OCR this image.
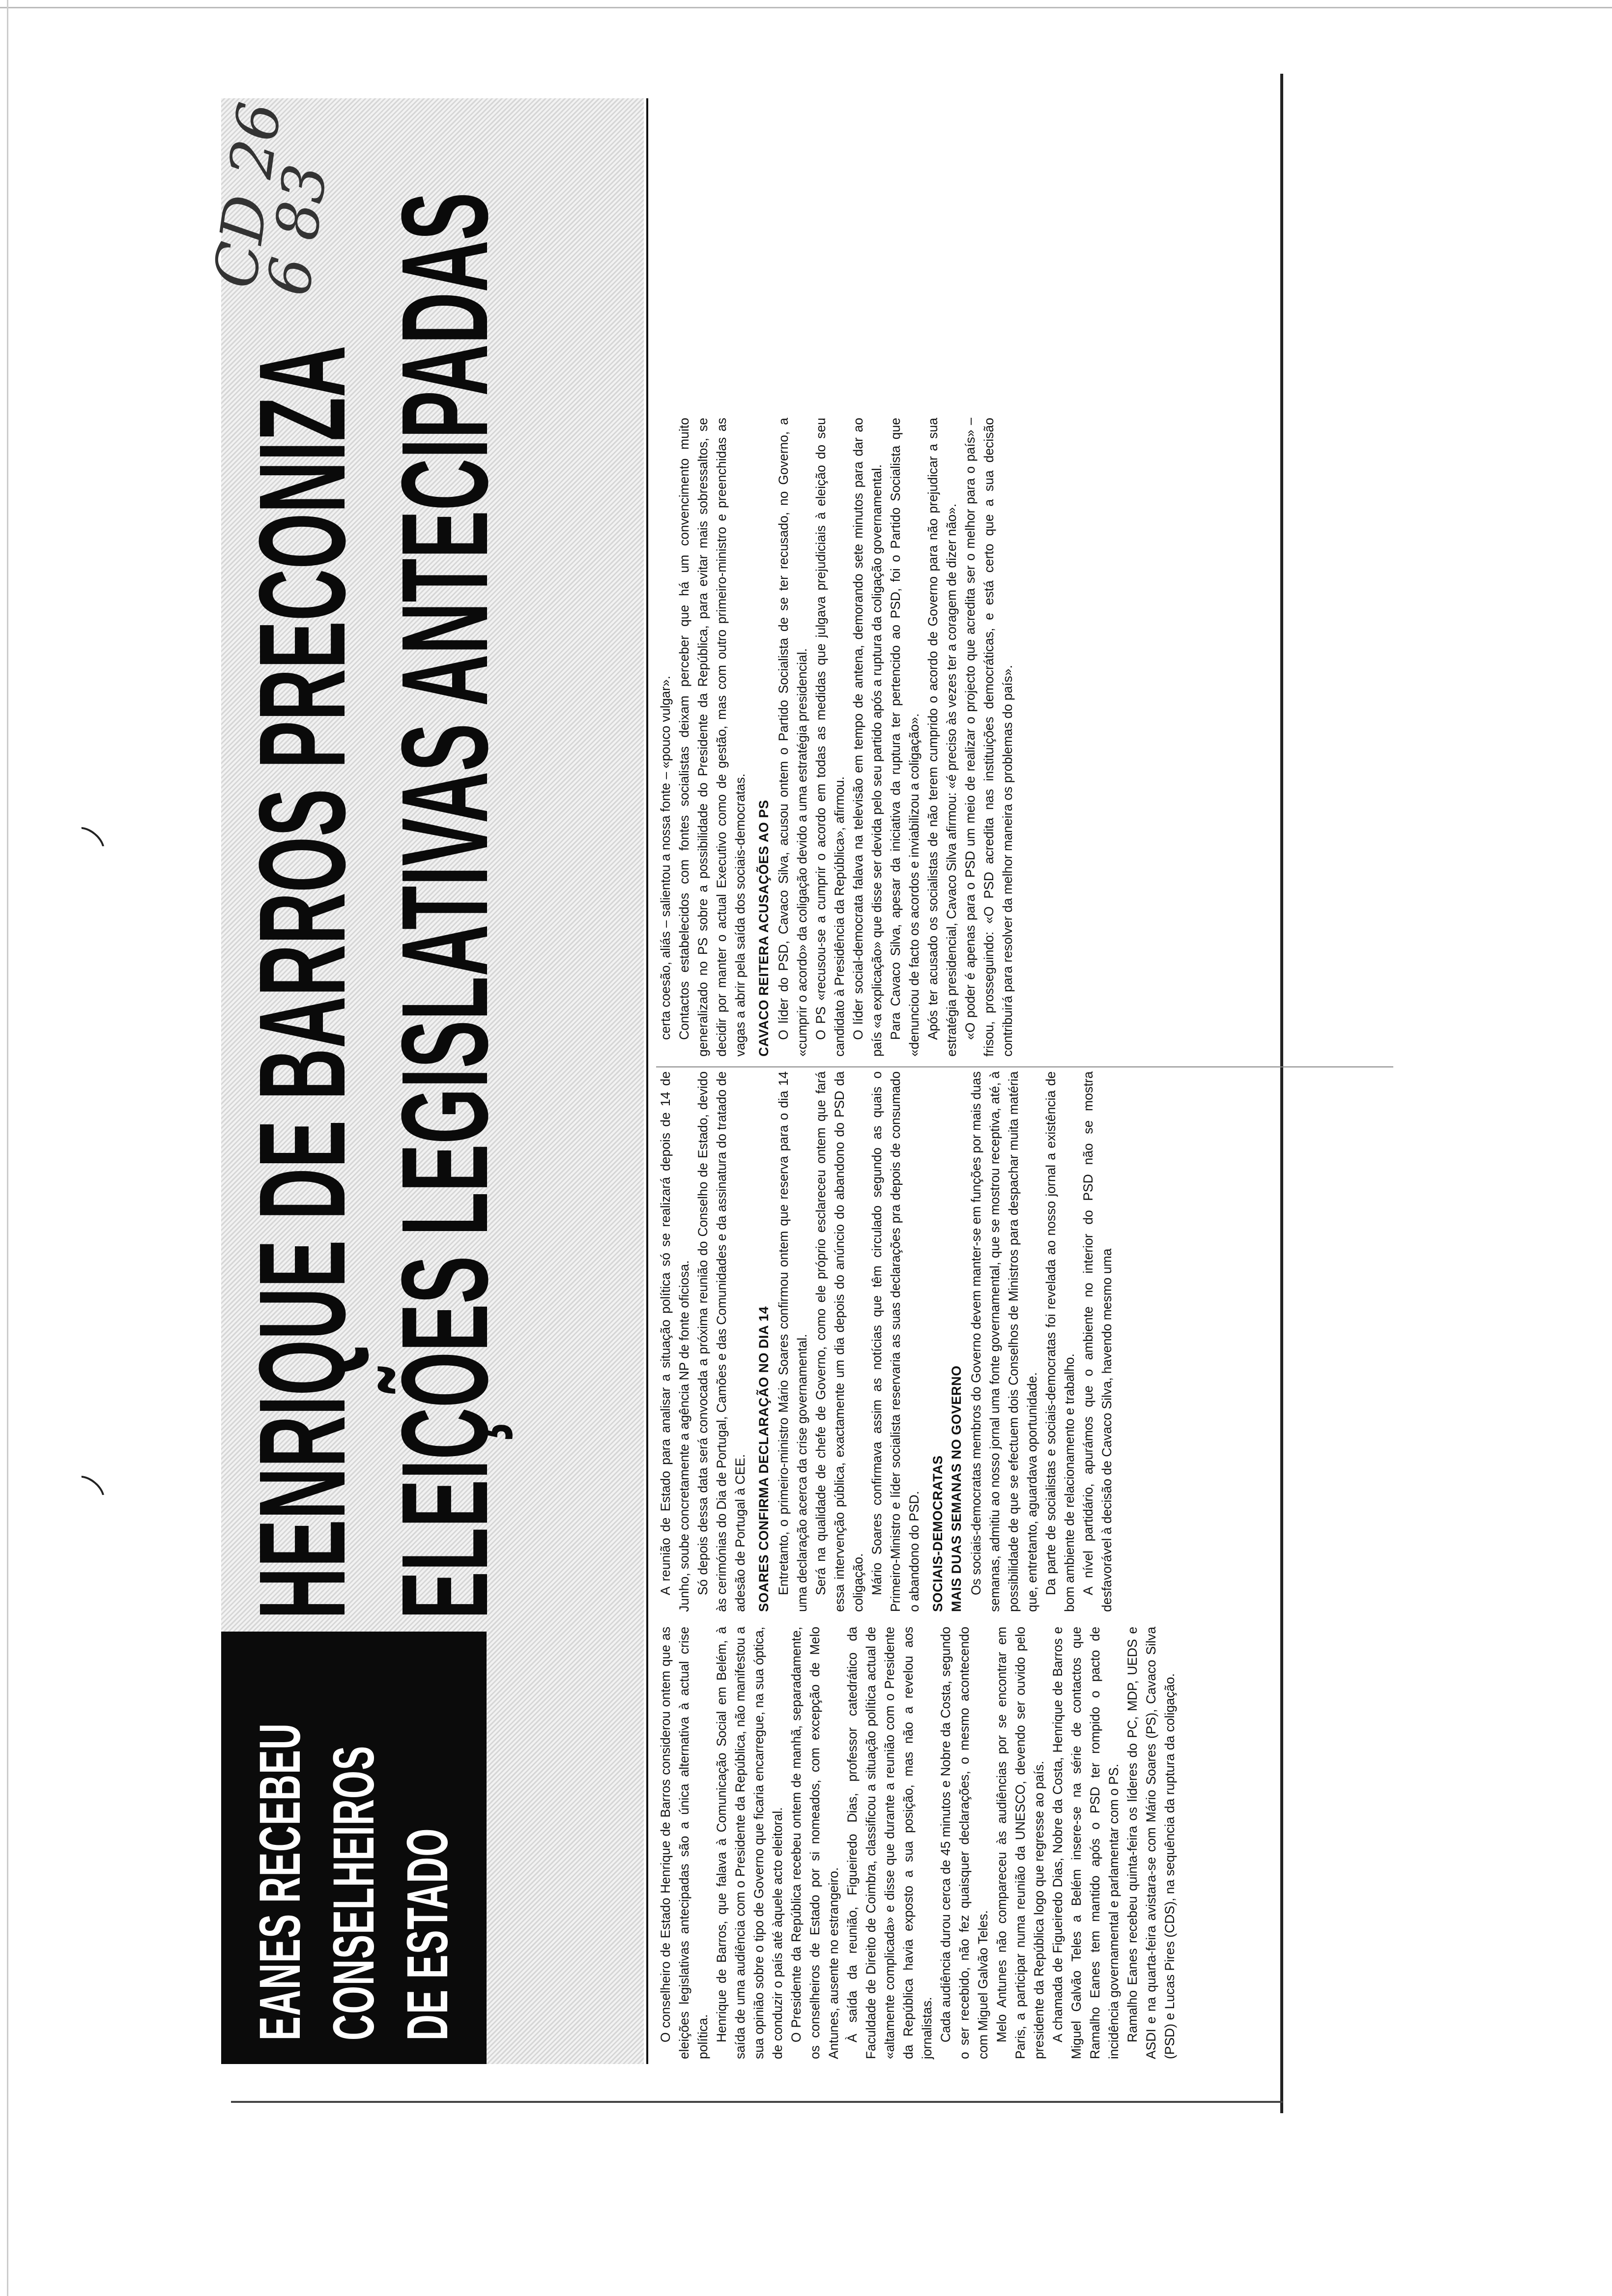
EANES RECEBEU CONSELHEIROS DE ESTADO
HENRIQUE DE BARROS PRECONIZA ELEIÇÕES LEGISLATIVAS ANTECIPADAS
CD 26 6 83

O conselheiro de Estado Henrique de Barros considerou ontem que as eleições legislativas antecipadas são a única alternativa à actual crise política. Henrique de Barros, que falava à Comunicação Social em Belém, à saída de uma audiência com o Presidente da República, não manifestou a sua opinião sobre o tipo de Governo que ficaria encarregue, na sua óptica, de conduzir o país até àquele acto eleitoral. O Presidente da República recebeu ontem de manhã, separadamente, os conselheiros de Estado por si nomeados, com excepção de Melo Antunes, ausente no estrangeiro. À saída da reunião, Figueiredo Dias, professor catedrático da Faculdade de Direito de Coimbra, classificou a situação política actual de «altamente complicada» e disse que durante a reunião com o Presidente da República havia exposto a sua posição, mas não a revelou aos jornalistas. Cada audiência durou cerca de 45 minutos e Nobre da Costa, segundo o ser recebido, não fez quaisquer declarações, o mesmo acontecendo com Miguel Galvão Teles. Melo Antunes não compareceu às audiências por se encontrar em Paris, a participar numa reunião da UNESCO, devendo ser ouvido pelo presidente da República logo que regresse ao país. A chamada de Figueiredo Dias, Nobre da Costa, Henrique de Barros e Miguel Galvão Teles a Belém insere-se na série de contactos que Ramalho Eanes tem mantido após o PSD ter rompido o pacto de incidência governamental e parlamentar com o PS. Ramalho Eanes recebeu quinta-feira os líderes do PC, MDP, UEDS e ASDI e na quarta-feira avistara-se com Mário Soares (PS), Cavaco Silva (PSD) e Lucas Pires (CDS), na sequência da ruptura da coligação.

A reunião de Estado para analisar a situação política só se realizará depois de 14 de Junho, soube concretamente a agência NP de fonte oficiosa. Só depois dessa data será convocada a próxima reunião do Conselho de Estado, devido às cerimónias do Dia de Portugal, Camões e das Comunidades e da assinatura do tratado de adesão de Portugal à CEE. SOARES CONFIRMA DECLARAÇÃO NO DIA 14 Entretanto, o primeiro-ministro Mário Soares confirmou ontem que reserva para o dia 14 uma declaração acerca da crise governamental. Será na qualidade de chefe de Governo, como ele próprio esclareceu ontem que fará essa intervenção pública, exactamente um dia depois do anúncio do abandono do PSD da coligação. Mário Soares confirmava assim as notícias que têm circulado segundo as quais o Primeiro-Ministro e líder socialista reservaria as suas declarações pra depois de consumado o abandono do PSD. SOCIAIS-DEMOCRATAS MAIS DUAS SEMANAS NO GOVERNO Os sociais-democratas membros do Governo devem manter-se em funções por mais duas semanas, admitiu ao nosso jornal uma fonte governamental, que se mostrou receptiva, até, à possibilidade de que se efectuem dois Conselhos de Ministros para despachar muita matéria que, entretanto, aguardava oportunidade. Da parte de socialistas e sociais-democratas foi revelada ao nosso jornal a existência de bom ambiente de relacionamento e trabalho. A nível partidário, apurámos que o ambiente no interior do PSD não se mostra desfavorável à decisão de Cavaco Silva, havendo mesmo uma

certa coesão, aliás – salientou a nossa fonte – «pouco vulgar». Contactos estabelecidos com fontes socialistas deixam perceber que há um convencimento muito generalizado no PS sobre a possibilidade do Presidente da República, para evitar mais sobressaltos, se decidir por manter o actual Executivo como de gestão, mas com outro primeiro-ministro e preenchidas as vagas a abrir pela saída dos sociais-democratas. CAVACO REITERA ACUSAÇÕES AO PS O líder do PSD, Cavaco Silva, acusou ontem o Partido Socialista de se ter recusado, no Governo, a «cumprir o acordo» da coligação devido a uma estratégia presidencial. O PS «recusou-se a cumprir o acordo em todas as medidas que julgava prejudiciais à eleição do seu candidato à Presidência da República», afirmou. O líder social-democrata falava na televisão em tempo de antena, demorando sete minutos para dar ao país «a explicação» que disse ser devida pelo seu partido após a ruptura da coligação governamental. Para Cavaco Silva, apesar da iniciativa da ruptura ter pertencido ao PSD, foi o Partido Socialista que «denunciou de facto os acordos e inviabilizou a coligação». Após ter acusado os socialistas de não terem cumprido o acordo de Governo para não prejudicar a sua estratégia presidencial, Cavaco Silva afirmou: «é preciso às vezes ter a coragem de dizer não». «O poder é apenas para o PSD um meio de realizar o projecto que acredita ser o melhor para o país» – frisou, prosseguindo: «O PSD acredita nas instituições democráticas, e está certo que a sua decisão contribuirá para resolver da melhor maneira os problemas do país».
